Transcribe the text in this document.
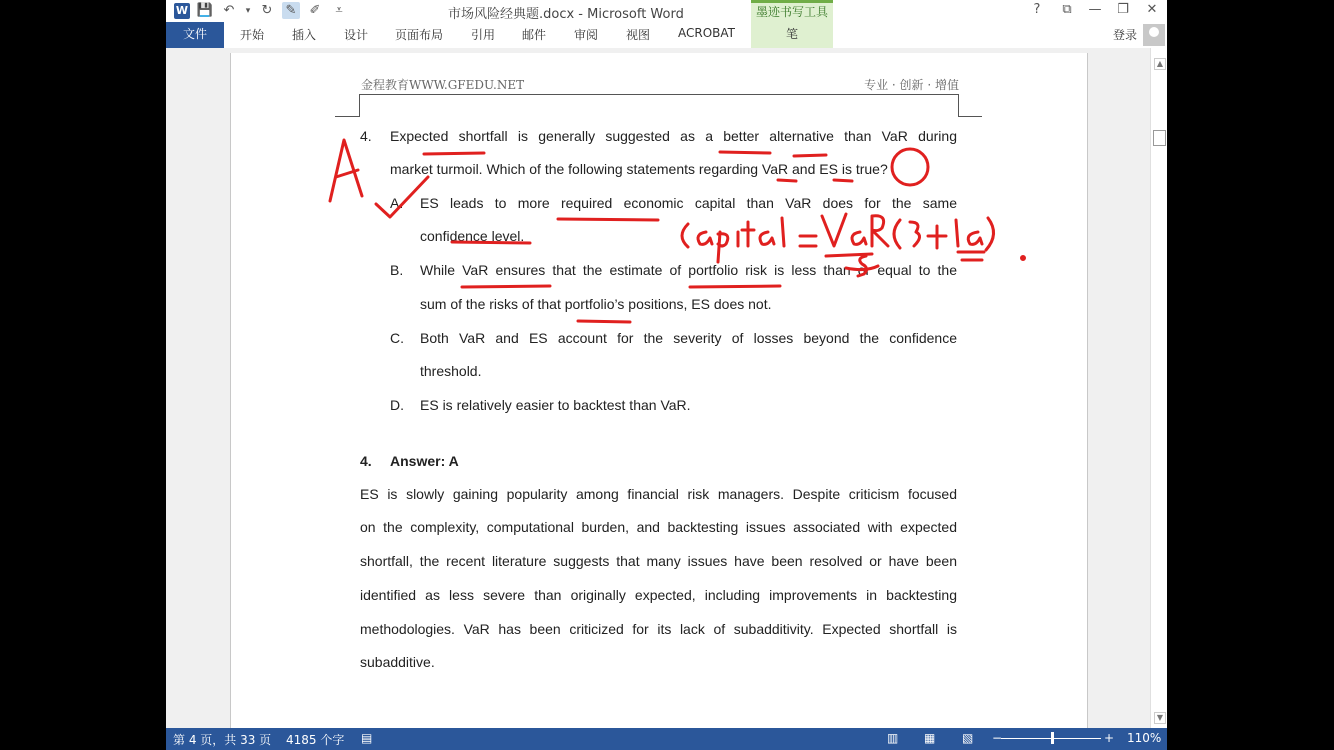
W 💾 ↶	▾ ↻ ✎ ✐	⩡	市场风险经典题.docx - Microsoft Word	墨迹书写工具	?	⧉	— ❐ ✕
文件	开始 插入 设计 页面布局 引用 邮件 审阅 视图 ACROBAT	笔	登录
金程教育WWW.GFEDU.NET	专业 · 创新 · 增值
4. Expected shortfall is generally suggested as a better alternative than VaR during
market turmoil. Which of the following statements regarding VaR and ES is true?
A. ES leads to more required economic capital than VaR does for the same
confidence level.
B. While VaR ensures that the estimate of portfolio risk is less than or equal to the
sum of the risks of that portfolio’s positions, ES does not.
C. Both VaR and ES account for the severity of losses beyond the confidence
threshold.
D. ES is relatively easier to backtest than VaR.
4. Answer: A
ES is slowly gaining popularity among financial risk managers. Despite criticism focused
on the complexity, computational burden, and backtesting issues associated with expected
shortfall, the recent literature suggests that many issues have been resolved or have been
identified as less severe than originally expected, including improvements in backtesting
methodologies. VaR has been criticized for its lack of subadditivity. Expected shortfall is
subadditive.
▲
▼
第 4 页，共 33 页 4185 个字 ▤	▥ ▦ ▧ −	+ 110%
